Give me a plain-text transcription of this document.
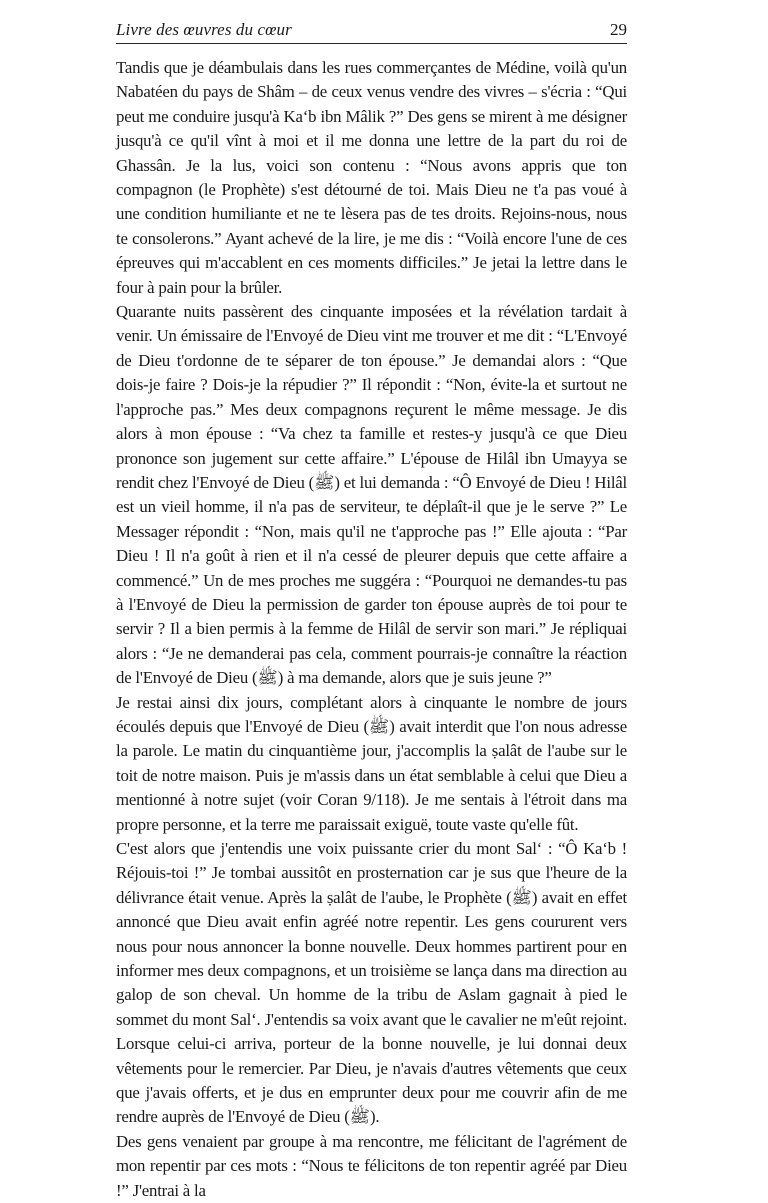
Livre des œuvres du cœur	29

Tandis que je déambulais dans les rues commerçantes de Médine, voilà qu'un Nabatéen du pays de Shâm – de ceux venus vendre des vivres – s'écria : “Qui peut me conduire jusqu'à Ka‘b ibn Mâlik ?” Des gens se mirent à me désigner jusqu'à ce qu'il vînt à moi et il me donna une lettre de la part du roi de Ghassân. Je la lus, voici son contenu : “Nous avons appris que ton compagnon (le Prophète) s'est détourné de toi. Mais Dieu ne t'a pas voué à une condition humiliante et ne te lèsera pas de tes droits. Rejoins-nous, nous te consolerons.” Ayant achevé de la lire, je me dis : “Voilà encore l'une de ces épreuves qui m'accablent en ces moments difficiles.” Je jetai la lettre dans le four à pain pour la brûler.

Quarante nuits passèrent des cinquante imposées et la révélation tardait à venir. Un émissaire de l'Envoyé de Dieu vint me trouver et me dit : “L'Envoyé de Dieu t'ordonne de te séparer de ton épouse.” Je demandai alors : “Que dois-je faire ? Dois-je la répudier ?” Il répondit : “Non, évite-la et surtout ne l'approche pas.” Mes deux compagnons reçurent le même message. Je dis alors à mon épouse : “Va chez ta famille et restes-y jusqu'à ce que Dieu prononce son jugement sur cette affaire.” L'épouse de Hilâl ibn Umayya se rendit chez l'Envoyé de Dieu (ﷺ) et lui demanda : “Ô Envoyé de Dieu ! Hilâl est un vieil homme, il n'a pas de serviteur, te déplaît-il que je le serve ?” Le Messager répondit : “Non, mais qu'il ne t'approche pas !” Elle ajouta : “Par Dieu ! Il n'a goût à rien et il n'a cessé de pleurer depuis que cette affaire a commencé.” Un de mes proches me suggéra : “Pourquoi ne demandes-tu pas à l'Envoyé de Dieu la permission de garder ton épouse auprès de toi pour te servir ? Il a bien permis à la femme de Hilâl de servir son mari.” Je répliquai alors : “Je ne demanderai pas cela, comment pourrais-je connaître la réaction de l'Envoyé de Dieu (ﷺ) à ma demande, alors que je suis jeune ?”

Je restai ainsi dix jours, complétant alors à cinquante le nombre de jours écoulés depuis que l'Envoyé de Dieu (ﷺ) avait interdit que l'on nous adresse la parole. Le matin du cinquantième jour, j'accomplis la ṣalât de l'aube sur le toit de notre maison. Puis je m'assis dans un état semblable à celui que Dieu a mentionné à notre sujet (voir Coran 9/118). Je me sentais à l'étroit dans ma propre personne, et la terre me paraissait exiguë, toute vaste qu'elle fût.

C'est alors que j'entendis une voix puissante crier du mont Sal‘ : “Ô Ka‘b ! Réjouis-toi !” Je tombai aussitôt en prosternation car je sus que l'heure de la délivrance était venue. Après la ṣalât de l'aube, le Prophète (ﷺ) avait en effet annoncé que Dieu avait enfin agréé notre repentir. Les gens coururent vers nous pour nous annoncer la bonne nouvelle. Deux hommes partirent pour en informer mes deux compagnons, et un troisième se lança dans ma direction au galop de son cheval. Un homme de la tribu de Aslam gagnait à pied le sommet du mont Sal‘. J'entendis sa voix avant que le cavalier ne m'eût rejoint. Lorsque celui-ci arriva, porteur de la bonne nouvelle, je lui donnai deux vêtements pour le remercier. Par Dieu, je n'avais d'autres vêtements que ceux que j'avais offerts, et je dus en emprunter deux pour me couvrir afin de me rendre auprès de l'Envoyé de Dieu (ﷺ).

Des gens venaient par groupe à ma rencontre, me félicitant de l'agrément de mon repentir par ces mots : “Nous te félicitons de ton repentir agréé par Dieu !” J'entrai à la
